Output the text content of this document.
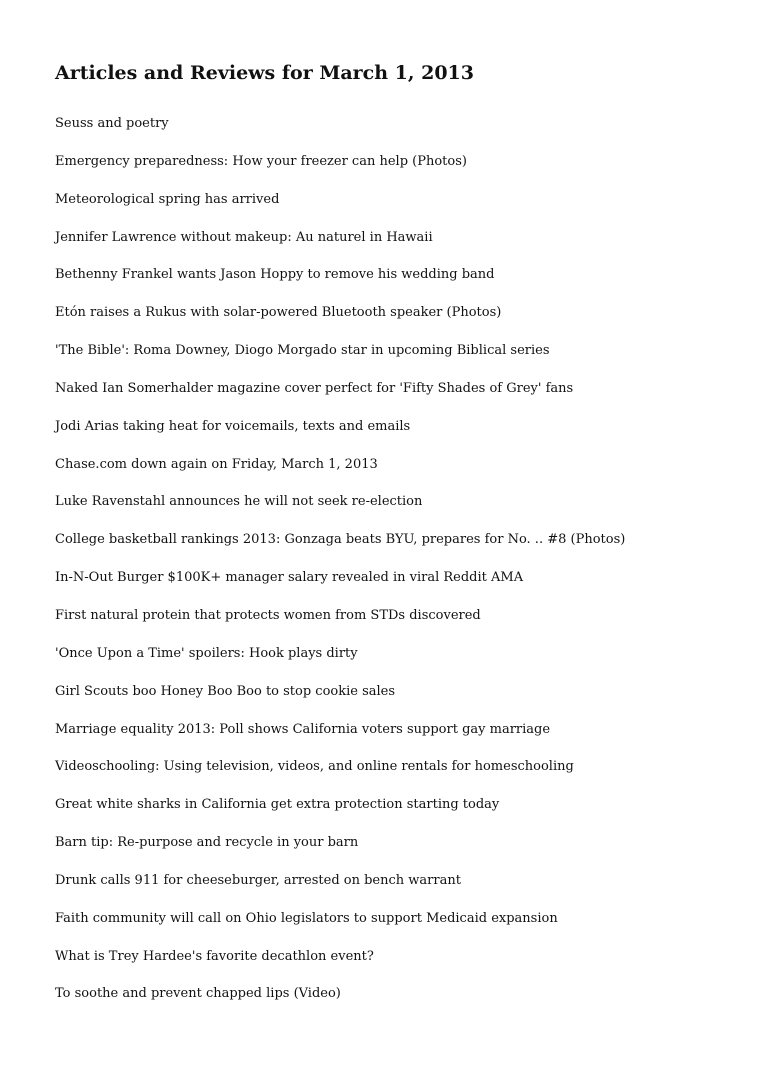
Articles and Reviews for March 1, 2013
Seuss and poetry
Emergency preparedness: How your freezer can help (Photos)
Meteorological spring has arrived
Jennifer Lawrence without makeup: Au naturel in Hawaii
Bethenny Frankel wants Jason Hoppy to remove his wedding band
Etón raises a Rukus with solar-powered Bluetooth speaker (Photos)
'The Bible': Roma Downey, Diogo Morgado star in upcoming Biblical series
Naked Ian Somerhalder magazine cover perfect for 'Fifty Shades of Grey' fans
Jodi Arias taking heat for voicemails, texts and emails
Chase.com down again on Friday, March 1, 2013
Luke Ravenstahl announces he will not seek re-election
College basketball rankings 2013: Gonzaga beats BYU, prepares for No. .. #8 (Photos)
In-N-Out Burger $100K+ manager salary revealed in viral Reddit AMA
First natural protein that protects women from STDs discovered
'Once Upon a Time' spoilers: Hook plays dirty
Girl Scouts boo Honey Boo Boo to stop cookie sales
Marriage equality 2013: Poll shows California voters support gay marriage
Videoschooling: Using television, videos, and online rentals for homeschooling
Great white sharks in California get extra protection starting today
Barn tip: Re-purpose and recycle in your barn
Drunk calls 911 for cheeseburger, arrested on bench warrant
Faith community will call on Ohio legislators to support Medicaid expansion
What is Trey Hardee's favorite decathlon event?
To soothe and prevent chapped lips (Video)
